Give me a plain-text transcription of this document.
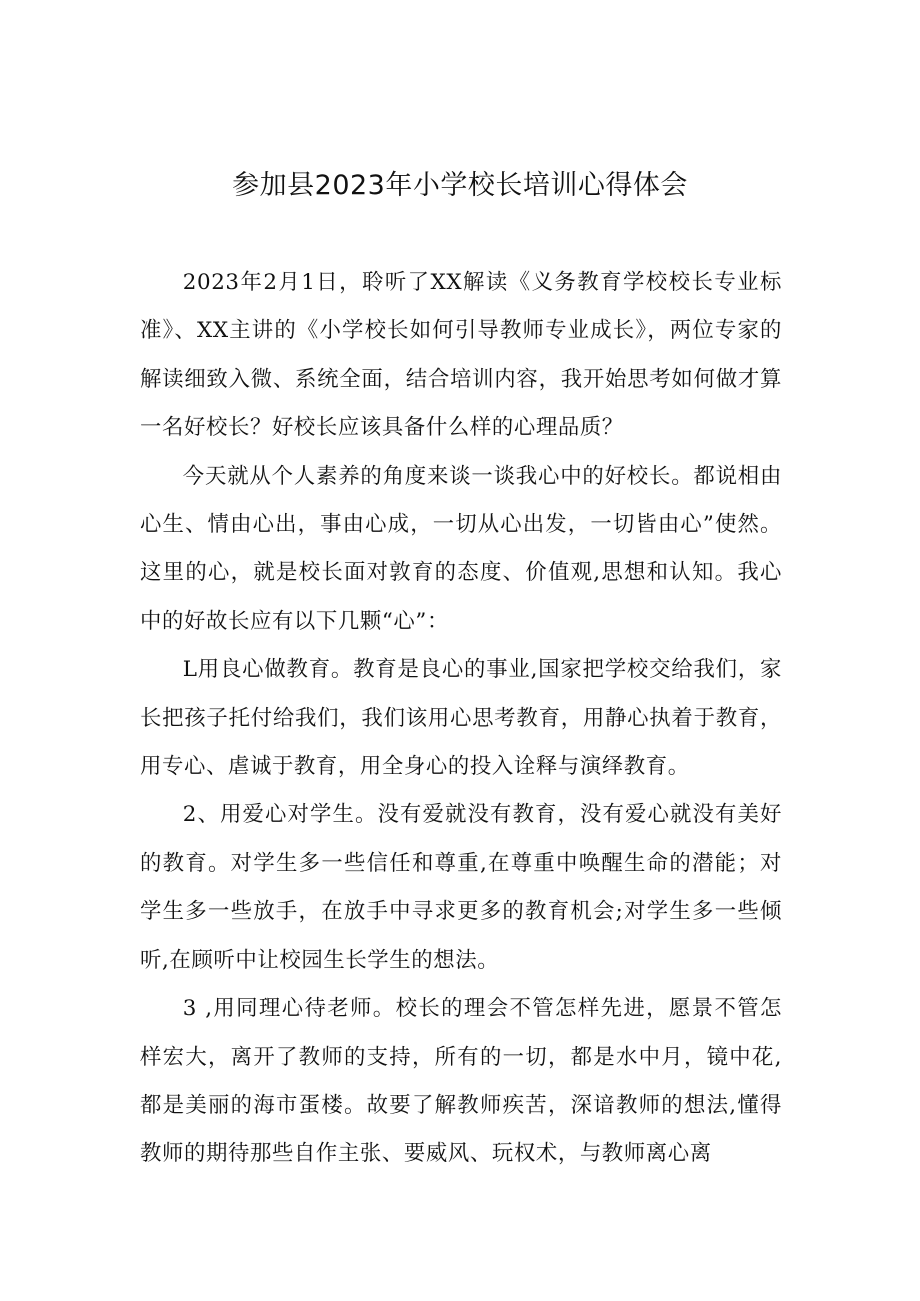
参加县2023年小学校长培训心得体会

2023年2月1日，聆听了XX解读《义务教育学校校长专业标准》、XX主讲的《小学校长如何引导教师专业成长》，两位专家的解读细致入微、系统全面，结合培训内容，我开始思考如何做才算一名好校长？好校长应该具备什么样的心理品质？

今天就从个人素养的角度来谈一谈我心中的好校长。都说相由心生、情由心出，事由心成，一切从心出发，一切皆由心”使然。这里的心，就是校长面对敦育的态度、价值观,思想和认知。我心中的好故长应有以下几颗“心”：

L用良心做教育。教育是良心的事业,国家把学校交给我们，家长把孩子托付给我们，我们该用心思考教育，用静心执着于教育，用专心、虐诚于教育，用全身心的投入诠释与演绎教育。

2、用爱心对学生。没有爱就没有教育，没有爱心就没有美好的教育。对学生多一些信任和尊重,在尊重中唤醒生命的潜能；对学生多一些放手，在放手中寻求更多的教育机会;对学生多一些倾听,在顾听中让校园生长学生的想法。

3 ,用同理心待老师。校长的理会不管怎样先进，愿景不管怎样宏大，离开了教师的支持，所有的一切，都是水中月，镜中花,都是美丽的海市蛋楼。故要了解教师疾苦，深谙教师的想法,懂得教师的期待那些自作主张、要威风、玩权术，与教师离心离
